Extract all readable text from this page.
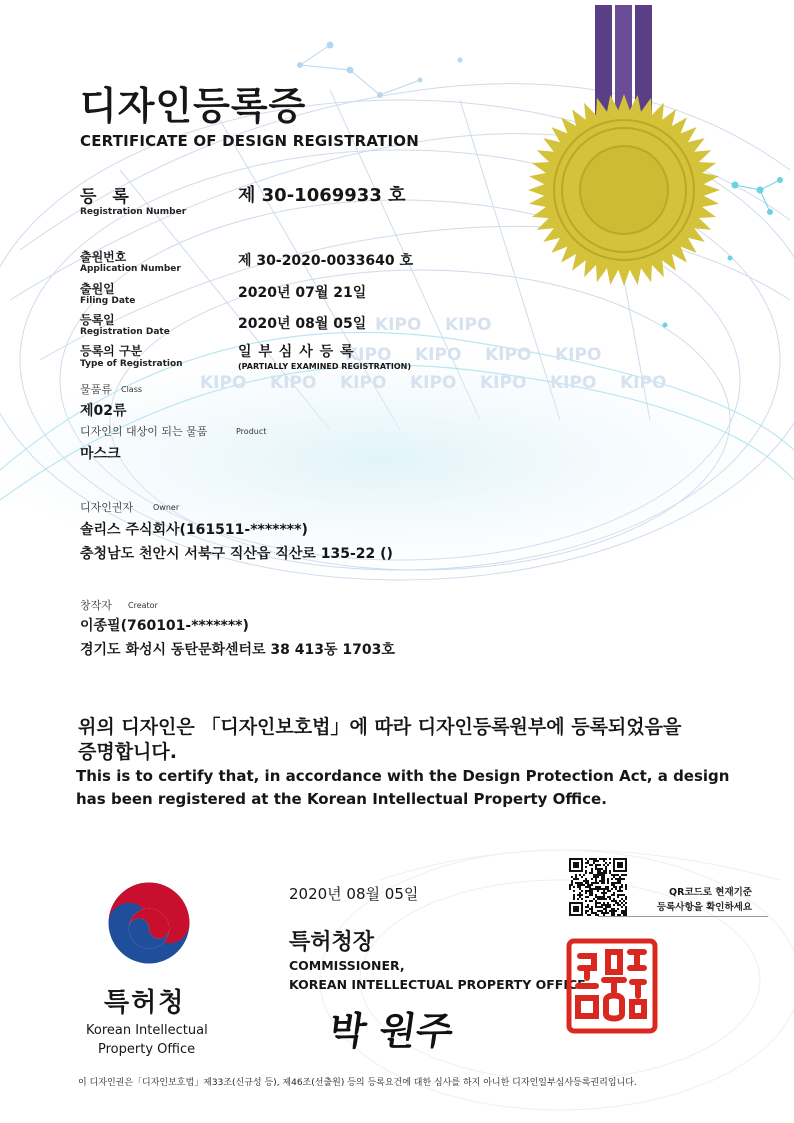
KIPO KIPO
KIPO KIPO KIPO KIPO
KIPO KIPO KIPO KIPO KIPO KIPO KIPO
디자인등록증
CERTIFICATE OF DESIGN REGISTRATION
등 록
Registration Number
제 30-1069933 호
출원번호
Application Number	제 30-2020-0033640 호
출원일
Filing Date	2020년 07월 21일
등록일
Registration Date	2020년 08월 05일
등록의 구분
Type of Registration
일 부 심 사 등 록
(PARTIALLY EXAMINED REGISTRATION)
물품류 Class
제02류
디자인의 대상이 되는 물품	Product
마스크
디자인권자 Owner
솔리스 주식회사(161511-*******)
충청남도 천안시 서북구 직산읍 직산로 135-22 ()
창작자 Creator
이종필(760101-*******)
경기도 화성시 동탄문화센터로 38 413동 1703호
위의 디자인은 「디자인보호법」에 따라 디자인등록원부에 등록되었음을
증명합니다.
This is to certify that, in accordance with the Design Protection Act, a design
has been registered at the Korean Intellectual Property Office.
특허청
Korean Intellectual
Property Office
2020년 08월 05일
특허청장
COMMISSIONER,
KOREAN INTELLECTUAL PROPERTY OFFICE
박 원주
QR코드로 현재기준
등록사항을 확인하세요
이 디자인권은「디자인보호법」제33조(신규성 등), 제46조(선출원) 등의 등록요건에 대한 심사를 하지 아니한 디자인일부심사등록권리입니다.
